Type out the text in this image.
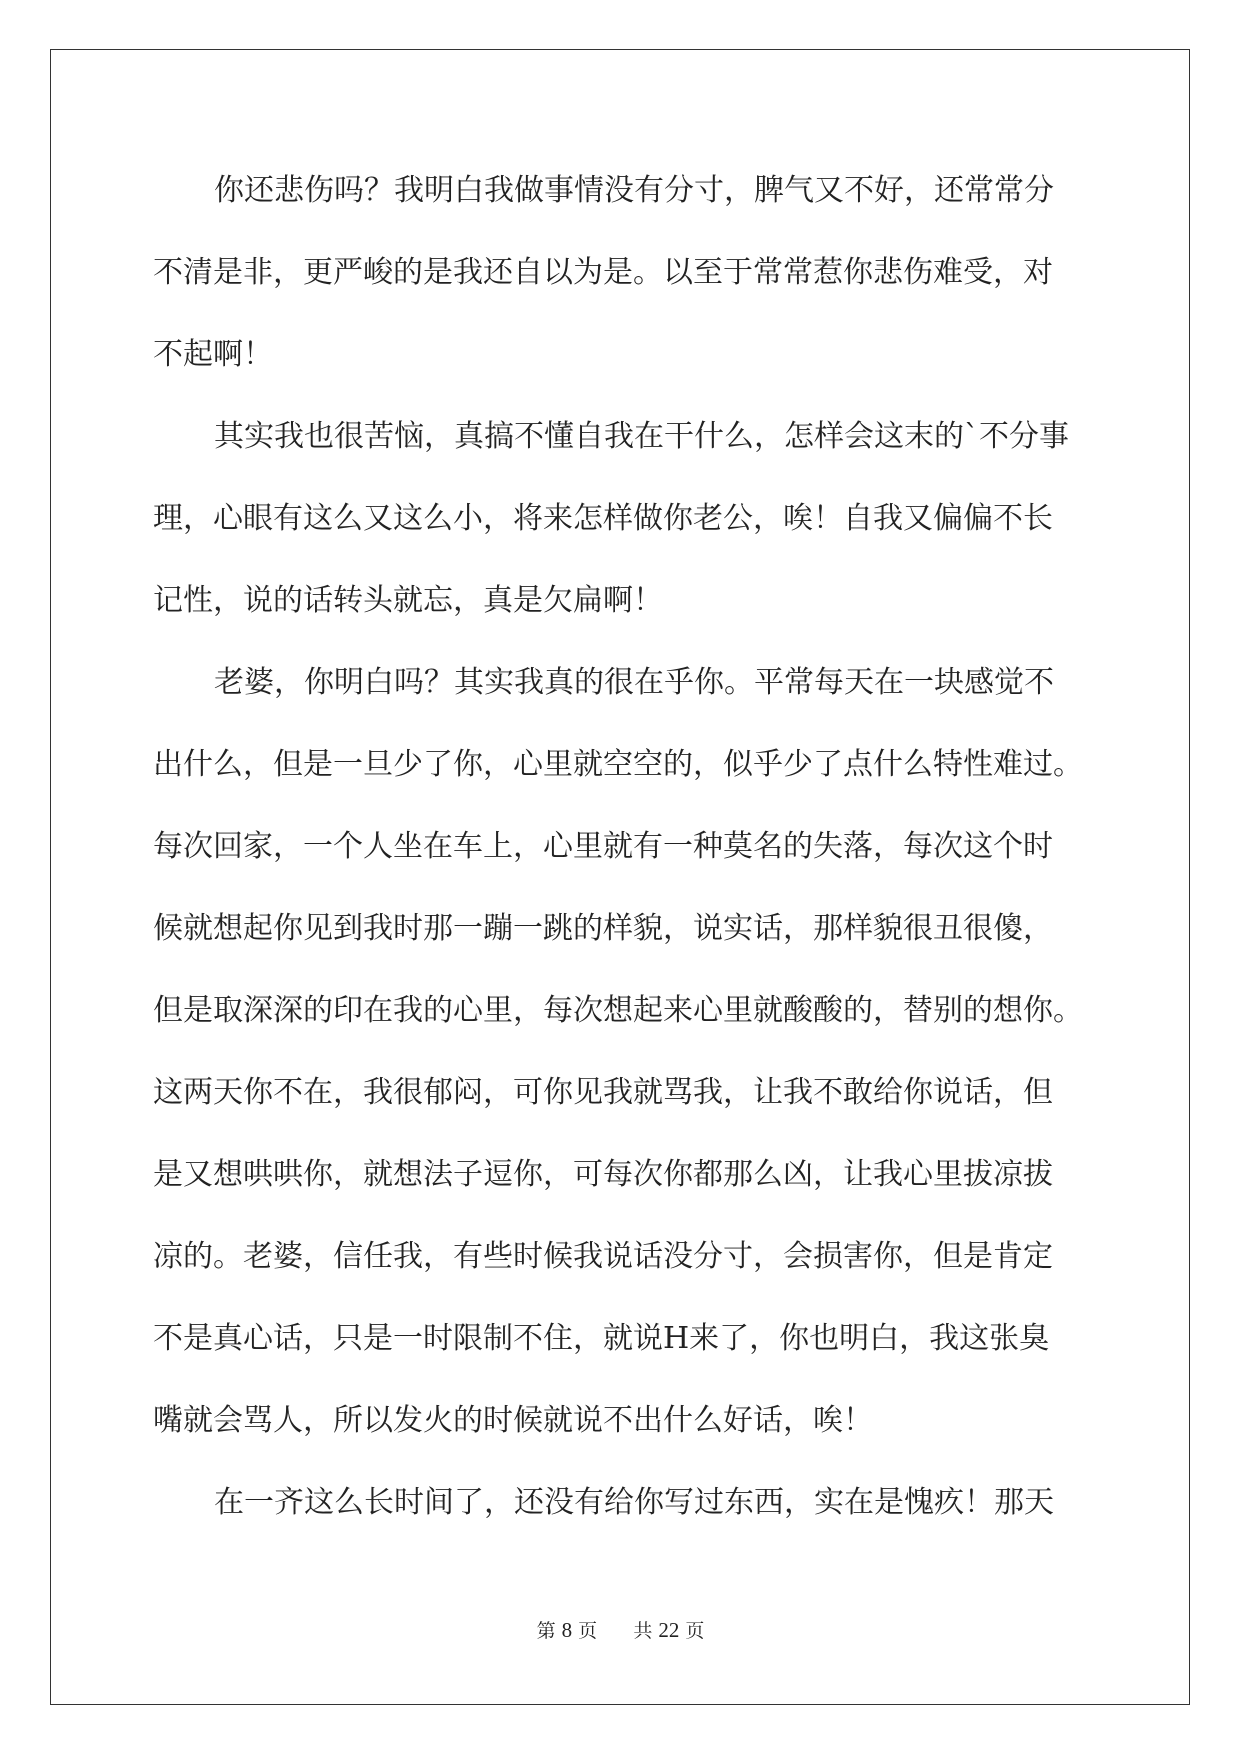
你还悲伤吗？我明白我做事情没有分寸，脾气又不好，还常常分
不清是非，更严峻的是我还自以为是。以至于常常惹你悲伤难受，对
不起啊！
其实我也很苦恼，真搞不懂自我在干什么，怎样会这末的`不分事
理，心眼有这么又这么小，将来怎样做你老公，唉！自我又偏偏不长
记性，说的话转头就忘，真是欠扁啊！
老婆，你明白吗？其实我真的很在乎你。平常每天在一块感觉不
出什么，但是一旦少了你，心里就空空的，似乎少了点什么特性难过。
每次回家，一个人坐在车上，心里就有一种莫名的失落，每次这个时
候就想起你见到我时那一蹦一跳的样貌，说实话，那样貌很丑很傻，
但是取深深的印在我的心里，每次想起来心里就酸酸的，替别的想你。
这两天你不在，我很郁闷，可你见我就骂我，让我不敢给你说话，但
是又想哄哄你，就想法子逗你，可每次你都那么凶，让我心里拔凉拔
凉的。老婆，信任我，有些时候我说话没分寸，会损害你，但是肯定
不是真心话，只是一时限制不住，就说H来了，你也明白，我这张臭
嘴就会骂人，所以发火的时候就说不出什么好话，唉！
在一齐这么长时间了，还没有给你写过东西，实在是愧疚！那天
第 8 页 共 22 页
